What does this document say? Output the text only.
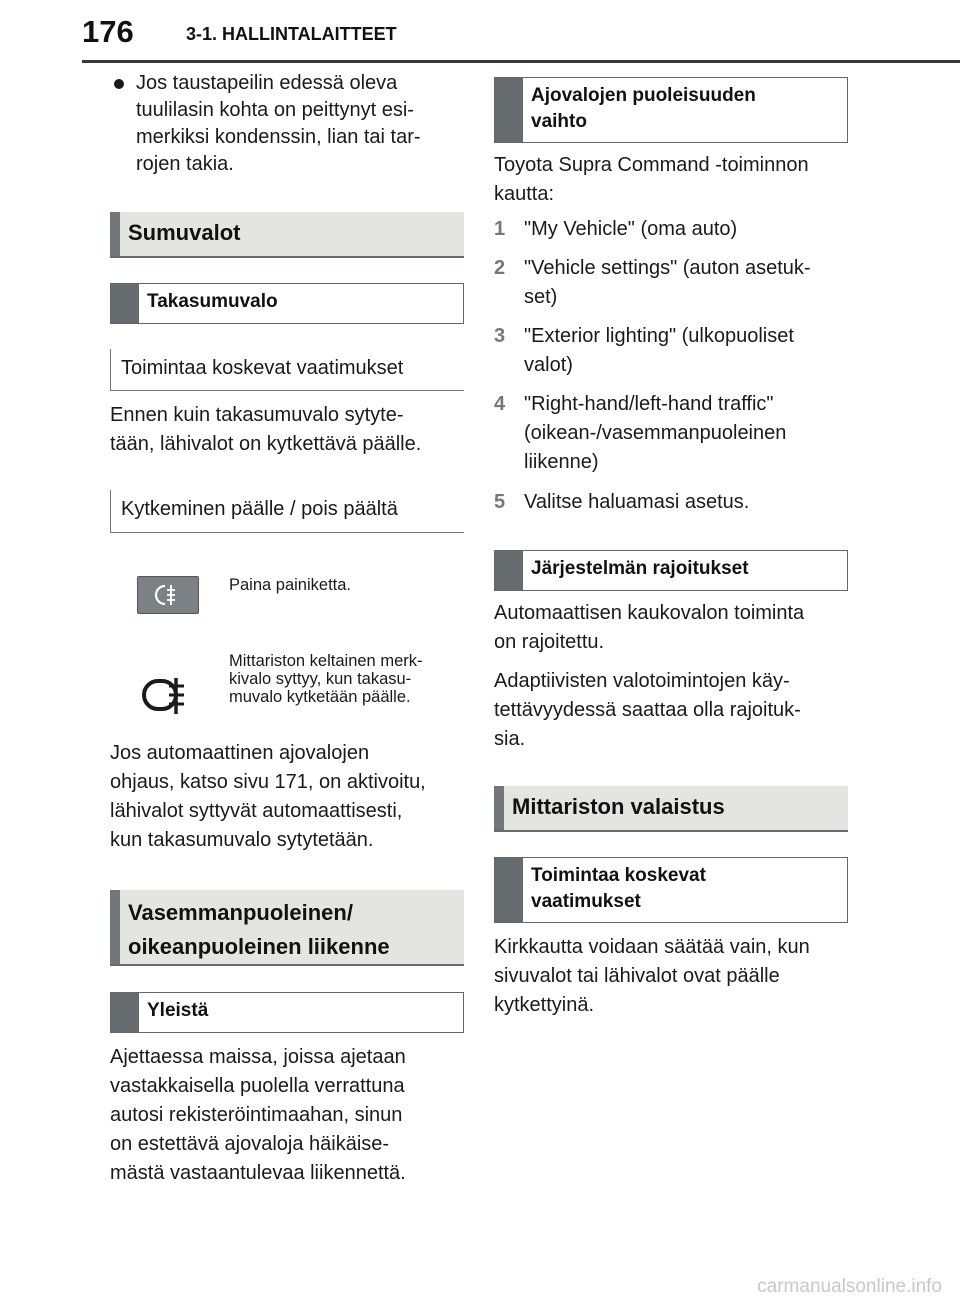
176	3-1. HALLINTALAITTEET
Jos taustapeilin edessä oleva
tuulilasin kohta on peittynyt esi-
merkiksi kondenssin, lian tai tar-
rojen takia.
Sumuvalot
Takasumuvalo
Toimintaa koskevat vaatimukset

Ennen kuin takasumuvalo sytyte-
tään, lähivalot on kytkettävä päälle.

Kytkeminen päälle / pois päältä
Paina painiketta.
Mittariston keltainen merk-
kivalo syttyy, kun takasu-
muvalo kytketään päälle.

Jos automaattinen ajovalojen
ohjaus, katso sivu 171, on aktivoitu,
lähivalot syttyvät automaattisesti,
kun takasumuvalo sytytetään.

Vasemmanpuoleinen/
oikeanpuoleinen liikenne
Yleistä

Ajettaessa maissa, joissa ajetaan
vastakkaisella puolella verrattuna
autosi rekisteröintimaahan, sinun
on estettävä ajovaloja häikäise-
mästä vastaantulevaa liikennettä.

Ajovalojen puoleisuuden
vaihto

Toyota Supra Command -toiminnon
kautta:

1 "My Vehicle" (oma auto)
2 "Vehicle settings" (auton asetuk-
set)
3 "Exterior lighting" (ulkopuoliset
valot)
4 "Right-hand/left-hand traffic"
(oikean-/vasemmanpuoleinen
liikenne)
5 Valitse haluamasi asetus.
Järjestelmän rajoitukset

Automaattisen kaukovalon toiminta
on rajoitettu.

Adaptiivisten valotoimintojen käy-
tettävyydessä saattaa olla rajoituk-
sia.

Mittariston valaistus
Toimintaa koskevat
vaatimukset

Kirkkautta voidaan säätää vain, kun
sivuvalot tai lähivalot ovat päälle
kytkettyinä.

carmanualsonline.info
